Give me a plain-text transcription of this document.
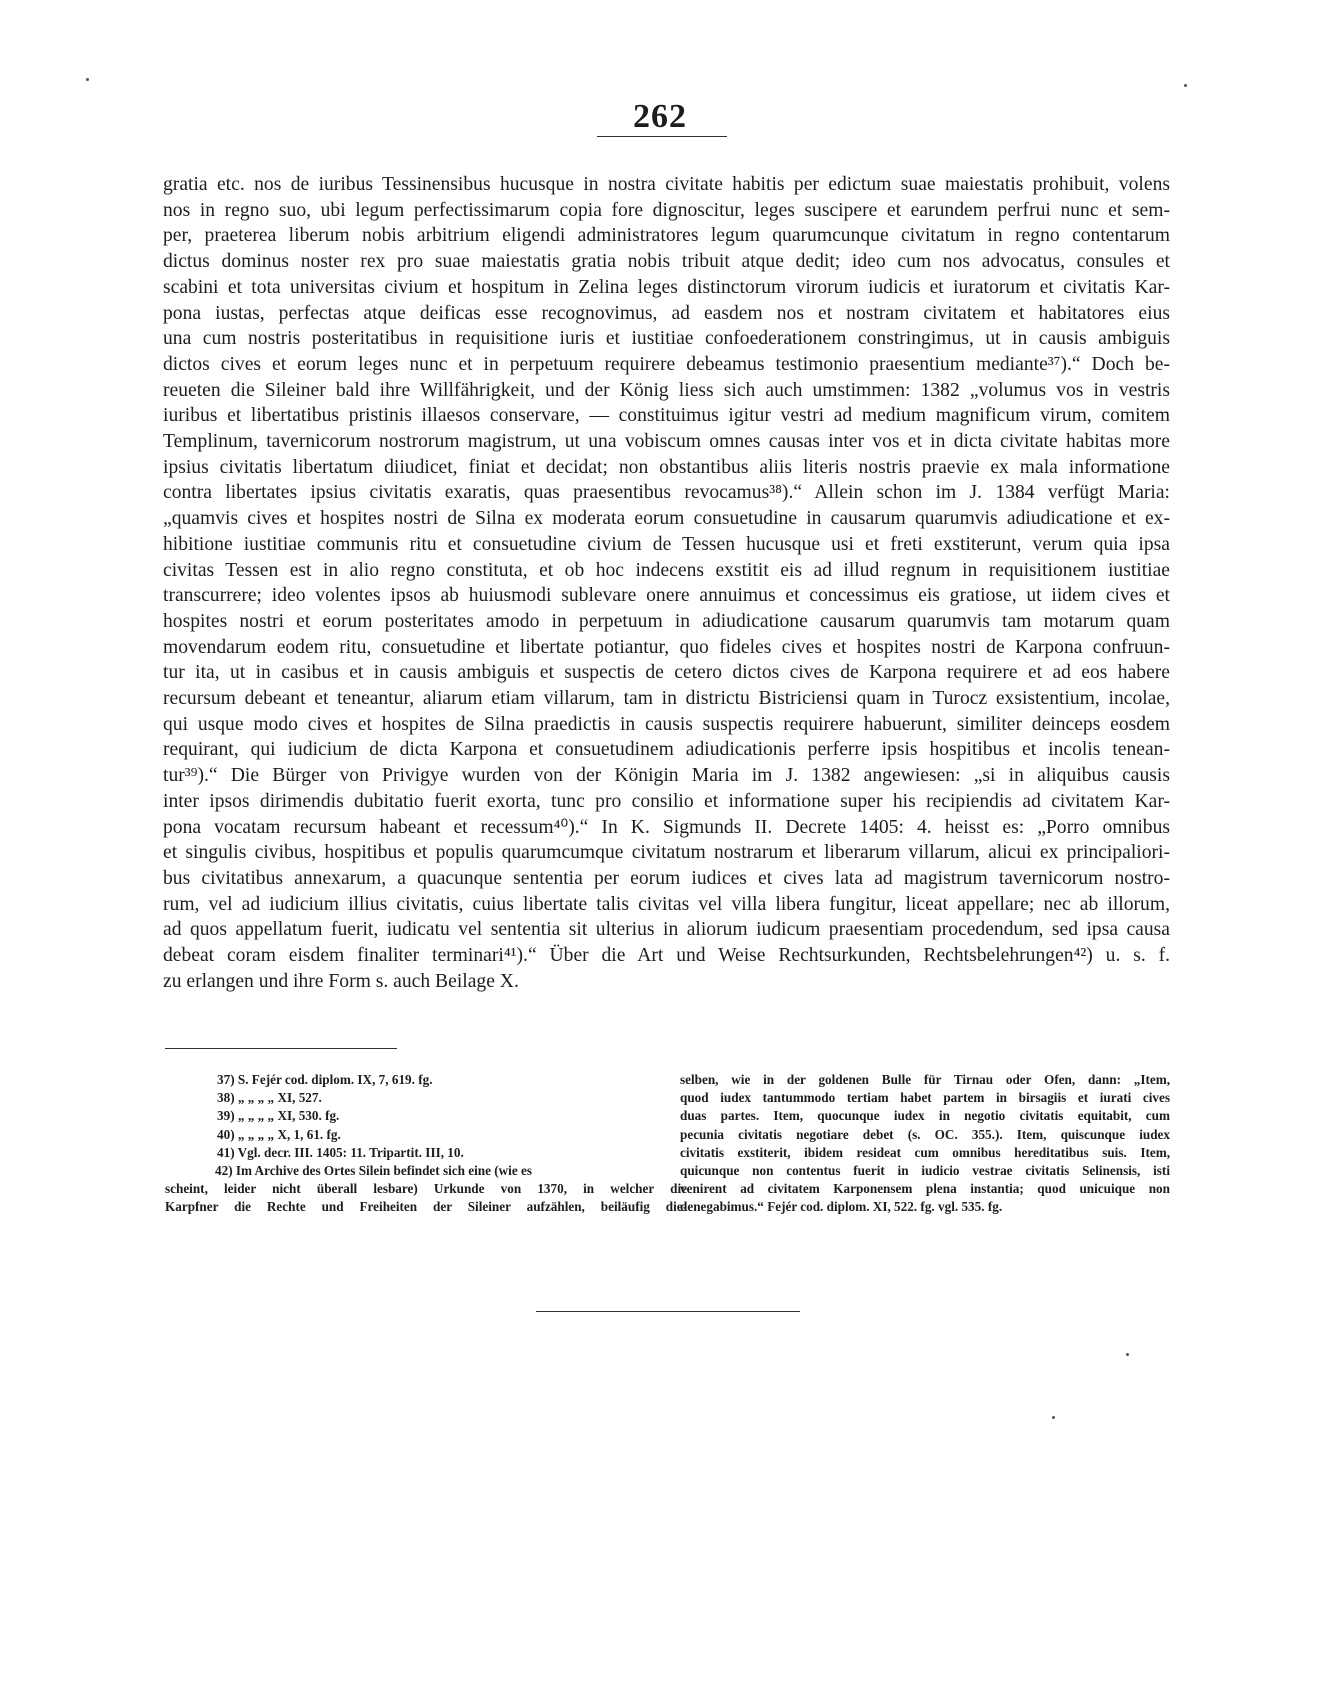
262
gratia etc. nos de iuribus Tessinensibus hucusque in nostra civitate habitis per edictum suae maiestatis prohibuit, volens
nos in regno suo, ubi legum perfectissimarum copia fore dignoscitur, leges suscipere et earundem perfrui nunc et sem-
per, praeterea liberum nobis arbitrium eligendi administratores legum quarumcunque civitatum in regno contentarum
dictus dominus noster rex pro suae maiestatis gratia nobis tribuit atque dedit; ideo cum nos advocatus, consules et
scabini et tota universitas civium et hospitum in Zelina leges distinctorum virorum iudicis et iuratorum et civitatis Kar-
pona iustas, perfectas atque deificas esse recognovimus, ad easdem nos et nostram civitatem et habitatores eius
una cum nostris posteritatibus in requisitione iuris et iustitiae confoederationem constringimus, ut in causis ambiguis
dictos cives et eorum leges nunc et in perpetuum requirere debeamus testimonio praesentium mediante³⁷).“ Doch be-
reueten die Sileiner bald ihre Willfährigkeit, und der König liess sich auch umstimmen: 1382 „volumus vos in vestris
iuribus et libertatibus pristinis illaesos conservare, — constituimus igitur vestri ad medium magnificum virum, comitem
Templinum, tavernicorum nostrorum magistrum, ut una vobiscum omnes causas inter vos et in dicta civitate habitas more
ipsius civitatis libertatum diiudicet, finiat et decidat; non obstantibus aliis literis nostris praevie ex mala informatione
contra libertates ipsius civitatis exaratis, quas praesentibus revocamus³⁸).“ Allein schon im J. 1384 verfügt Maria:
„quamvis cives et hospites nostri de Silna ex moderata eorum consuetudine in causarum quarumvis adiudicatione et ex-
hibitione iustitiae communis ritu et consuetudine civium de Tessen hucusque usi et freti exstiterunt, verum quia ipsa
civitas Tessen est in alio regno constituta, et ob hoc indecens exstitit eis ad illud regnum in requisitionem iustitiae
transcurrere; ideo volentes ipsos ab huiusmodi sublevare onere annuimus et concessimus eis gratiose, ut iidem cives et
hospites nostri et eorum posteritates amodo in perpetuum in adiudicatione causarum quarumvis tam motarum quam
movendarum eodem ritu, consuetudine et libertate potiantur, quo fideles cives et hospites nostri de Karpona confruun-
tur ita, ut in casibus et in causis ambiguis et suspectis de cetero dictos cives de Karpona requirere et ad eos habere
recursum debeant et teneantur, aliarum etiam villarum, tam in districtu Bistriciensi quam in Turocz exsistentium, incolae,
qui usque modo cives et hospites de Silna praedictis in causis suspectis requirere habuerunt, similiter deinceps eosdem
requirant, qui iudicium de dicta Karpona et consuetudinem adiudicationis perferre ipsis hospitibus et incolis tenean-
tur³⁹).“ Die Bürger von Privigye wurden von der Königin Maria im J. 1382 angewiesen: „si in aliquibus causis
inter ipsos dirimendis dubitatio fuerit exorta, tunc pro consilio et informatione super his recipiendis ad civitatem Kar-
pona vocatam recursum habeant et recessum⁴⁰).“ In K. Sigmunds II. Decrete 1405: 4. heisst es: „Porro omnibus
et singulis civibus, hospitibus et populis quarumcumque civitatum nostrarum et liberarum villarum, alicui ex principaliori-
bus civitatibus annexarum, a quacunque sententia per eorum iudices et cives lata ad magistrum tavernicorum nostro-
rum, vel ad iudicium illius civitatis, cuius libertate talis civitas vel villa libera fungitur, liceat appellare; nec ab illorum,
ad quos appellatum fuerit, iudicatu vel sententia sit ulterius in aliorum iudicum praesentiam procedendum, sed ipsa causa
debeat coram eisdem finaliter terminari⁴¹).“ Über die Art und Weise Rechtsurkunden, Rechtsbelehrungen⁴²) u. s. f.
zu erlangen und ihre Form s. auch Beilage X.
37) S. Fejér cod. diplom. IX, 7, 619. fg.
38) „ „ „ „ XI, 527.
39) „ „ „ „ XI, 530. fg.
40) „ „ „ „ X, 1, 61. fg.
41) Vgl. decr. III. 1405: 11. Tripartit. III, 10.
42) Im Archive des Ortes Silein befindet sich eine (wie es
scheint, leider nicht überall lesbare) Urkunde von 1370, in welcher die
Karpfner die Rechte und Freiheiten der Sileiner aufzählen, beiläufig die-
selben, wie in der goldenen Bulle für Tirnau oder Ofen, dann: „Item,
quod iudex tantummodo tertiam habet partem in birsagiis et iurati cives
duas partes. Item, quocunque iudex in negotio civitatis equitabit, cum
pecunia civitatis negotiare debet (s. OC. 355.). Item, quiscunque iudex
civitatis exstiterit, ibidem resideat cum omnibus hereditatibus suis. Item,
quicunque non contentus fuerit in iudicio vestrae civitatis Selinensis, isti
venirent ad civitatem Karponensem plena instantia; quod unicuique non
denegabimus.“ Fejér cod. diplom. XI, 522. fg. vgl. 535. fg.
